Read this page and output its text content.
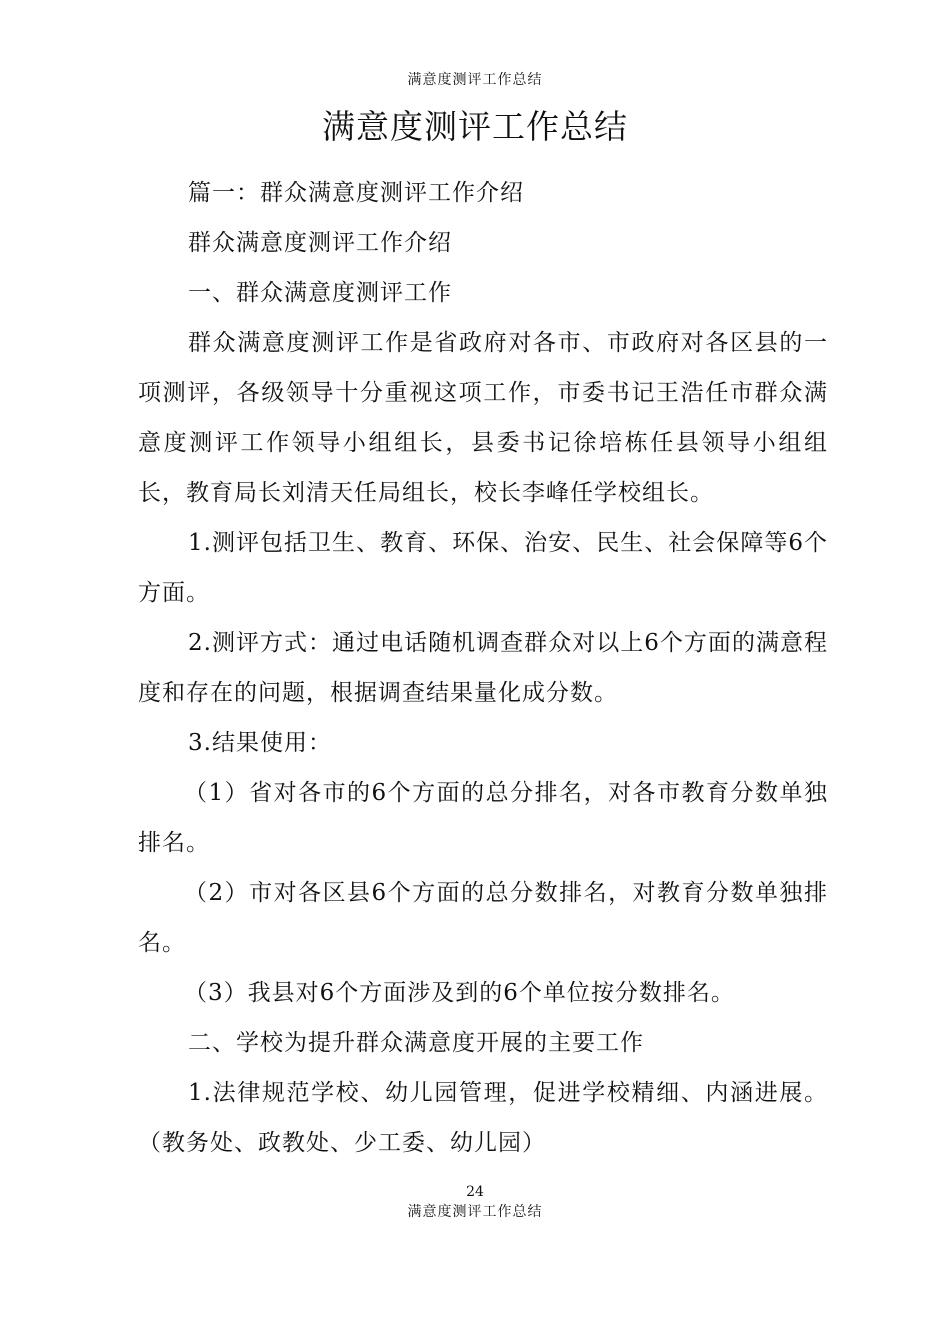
满意度测评工作总结
满意度测评工作总结

篇一：群众满意度测评工作介绍

群众满意度测评工作介绍

一、群众满意度测评工作

群众满意度测评工作是省政府对各市、市政府对各区县的一项测评，各级领导十分重视这项工作，市委书记王浩任市群众满意度测评工作领导小组组长，县委书记徐培栋任县领导小组组长，教育局长刘清天任局组长，校长李峰任学校组长。

1.测评包括卫生、教育、环保、治安、民生、社会保障等6个方面。

2.测评方式：通过电话随机调查群众对以上6个方面的满意程度和存在的问题，根据调查结果量化成分数。

3.结果使用：

（1）省对各市的6个方面的总分排名，对各市教育分数单独排名。

（2）市对各区县6个方面的总分数排名，对教育分数单独排名。

（3）我县对6个方面涉及到的6个单位按分数排名。

二、学校为提升群众满意度开展的主要工作

1.法律规范学校、幼儿园管理，促进学校精细、内涵进展。（教务处、政教处、少工委、幼儿园）

24
满意度测评工作总结
